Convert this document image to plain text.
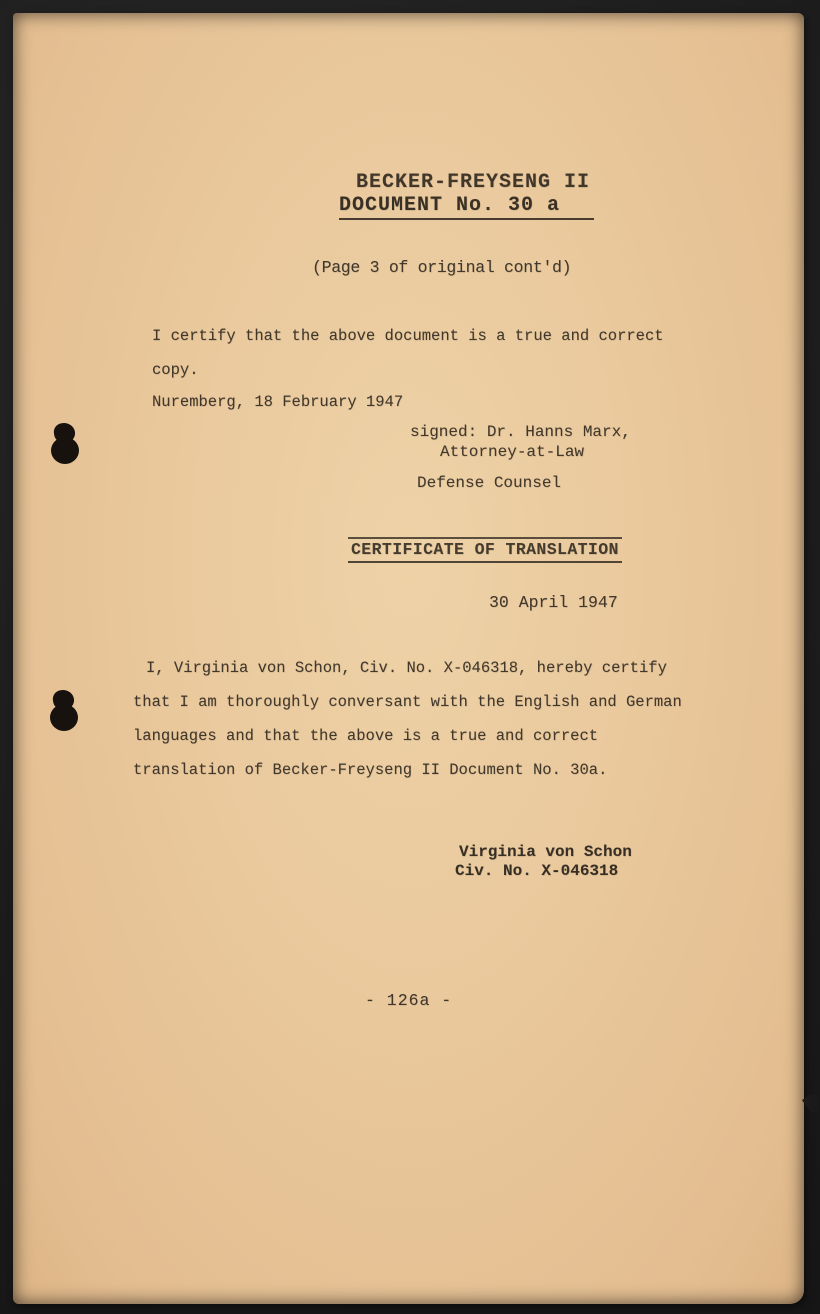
BECKER-FREYSENG II
DOCUMENT No. 30 a
(Page 3 of original cont'd)
I certify that the above document is a true and correct
copy.
Nuremberg, 18 February 1947
signed: Dr. Hanns Marx,
Attorney-at-Law
Defense Counsel
CERTIFICATE OF TRANSLATION
30 April 1947
I, Virginia von Schon, Civ. No. X-046318, hereby certify
that I am thoroughly conversant with the English and German
languages and that the above is a true and correct
translation of Becker-Freyseng II Document No. 30a.
Virginia von Schon
Civ. No. X-046318
- 126a -
